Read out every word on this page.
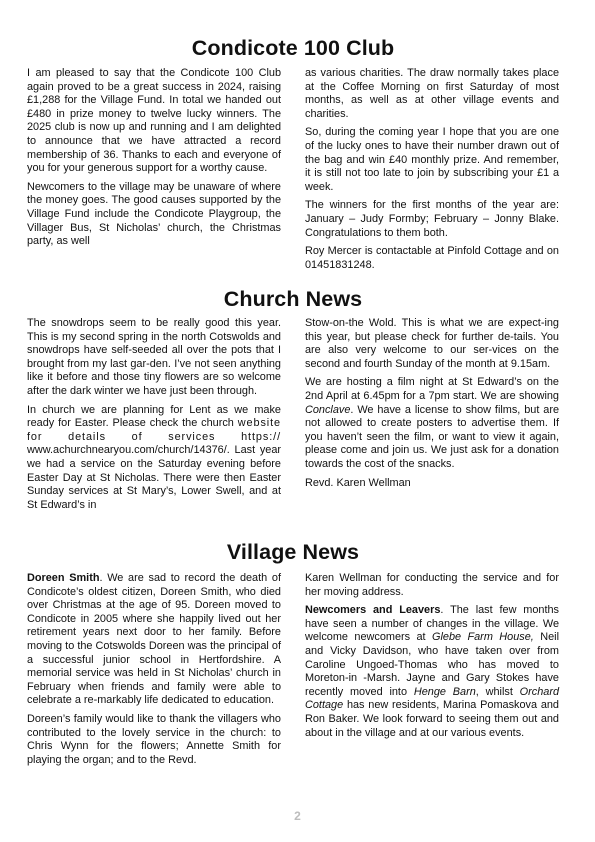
Condicote 100 Club

I am pleased to say that the Condicote 100 Club again proved to be a great success in 2024, raising £1,288 for the Village Fund. In total we handed out £480 in prize money to twelve lucky winners. The 2025 club is now up and running and I am delighted to announce that we have attracted a record membership of 36. Thanks to each and everyone of you for your generous support for a worthy cause.

Newcomers to the village may be unaware of where the money goes. The good causes supported by the Village Fund include the Condicote Playgroup, the Villager Bus, St Nicholas’ church, the Christmas party, as well

as various charities. The draw normally takes place at the Coffee Morning on first Saturday of most months, as well as at other village events and charities.

So, during the coming year I hope that you are one of the lucky ones to have their number drawn out of the bag and win £40 monthly prize. And remember, it is still not too late to join by subscribing your £1 a week.

The winners for the first months of the year are: January – Judy Formby; February – Jonny Blake. Congratulations to them both.

Roy Mercer is contactable at Pinfold Cottage and on 01451831248.

Church News

The snowdrops seem to be really good this year. This is my second spring in the north Cotswolds and snowdrops have self-seeded all over the pots that I brought from my last gar-den. I’ve not seen anything like it before and those tiny flowers are so welcome after the dark winter we have just been through.

In church we are planning for Lent as we make ready for Easter. Please check the church website for details of services https:// www.achurchnearyou.com/church/14376/. Last year we had a service on the Saturday evening before Easter Day at St Nicholas. There were then Easter Sunday services at St Mary’s, Lower Swell, and at St Edward’s in

Stow-on-the Wold. This is what we are expect-ing this year, but please check for further de-tails. You are also very welcome to our ser-vices on the second and fourth Sunday of the month at 9.15am.

We are hosting a film night at St Edward’s on the 2nd April at 6.45pm for a 7pm start. We are showing Conclave. We have a license to show films, but are not allowed to create posters to advertise them. If you haven’t seen the film, or want to view it again, please come and join us. We just ask for a donation towards the cost of the snacks.

Revd. Karen Wellman

Village News

Doreen Smith. We are sad to record the death of Condicote’s oldest citizen, Doreen Smith, who died over Christmas at the age of 95. Doreen moved to Condicote in 2005 where she happily lived out her retirement years next door to her family. Before moving to the Cotswolds Doreen was the principal of a successful junior school in Hertfordshire. A memorial service was held in St Nicholas’ church in February when friends and family were able to celebrate a re-markably life dedicated to education.

Doreen’s family would like to thank the villagers who contributed to the lovely service in the church: to Chris Wynn for the flowers; Annette Smith for playing the organ; and to the Revd.

Karen Wellman for conducting the service and for her moving address.

Newcomers and Leavers. The last few months have seen a number of changes in the village. We welcome newcomers at Glebe Farm House, Neil and Vicky Davidson, who have taken over from Caroline Ungoed-Thomas who has moved to Moreton-in -Marsh. Jayne and Gary Stokes have recently moved into Henge Barn, whilst Orchard Cottage has new residents, Marina Pomaskova and Ron Baker. We look forward to seeing them out and about in the village and at our various events.

2
